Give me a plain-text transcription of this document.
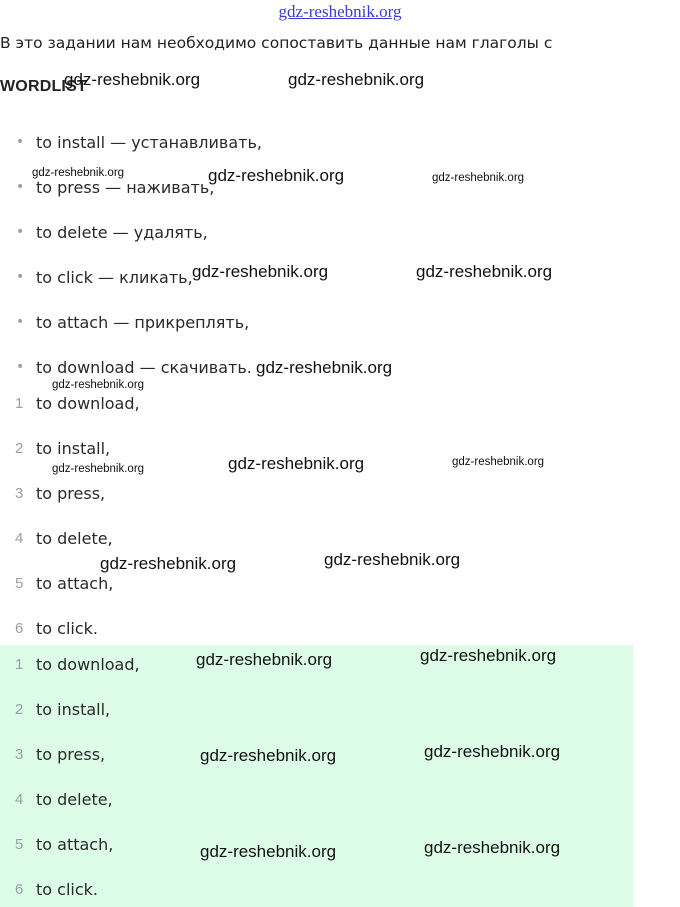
gdz-reshebnik.org
В это задании нам необходимо сопоставить данные нам глаголы с
WORDLIST
• to install — устанавливать,
• to press — наживать,
• to delete — удалять,
• to click — кликать,
• to attach — прикреплять,
• to download — скачивать.
1 to download,
2 to install,
3 to press,
4 to delete,
5 to attach,
6 to click.
1 to download,
2 to install,
3 to press,
4 to delete,
5 to attach,
6 to click.
gdz-reshebnik.org	gdz-reshebnik.org
gdz-reshebnik.org	gdz-reshebnik.org	gdz-reshebnik.org
gdz-reshebnik.org	gdz-reshebnik.org
gdz-reshebnik.org
gdz-reshebnik.org
gdz-reshebnik.org	gdz-reshebnik.org	gdz-reshebnik.org
gdz-reshebnik.org	gdz-reshebnik.org
gdz-reshebnik.org	gdz-reshebnik.org
gdz-reshebnik.org	gdz-reshebnik.org
gdz-reshebnik.org	gdz-reshebnik.org
